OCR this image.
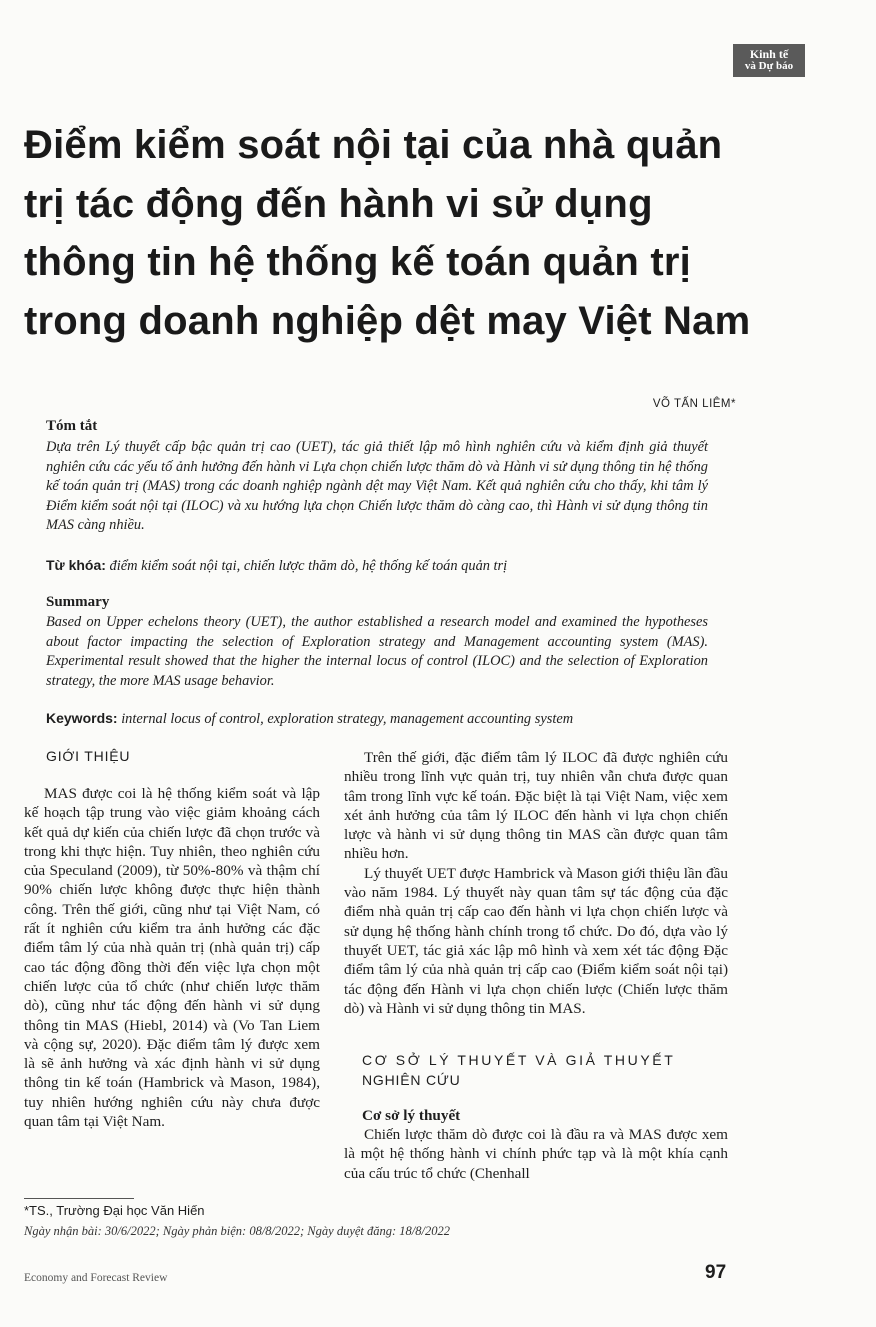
Kinh tế
và Dự báo
Điểm kiểm soát nội tại của nhà quản trị tác động đến hành vi sử dụng thông tin hệ thống kế toán quản trị trong doanh nghiệp dệt may Việt Nam
VÕ TẤN LIÊM*
Tóm tắt

Dựa trên Lý thuyết cấp bậc quản trị cao (UET), tác giả thiết lập mô hình nghiên cứu và kiểm định giả thuyết nghiên cứu các yếu tố ảnh hưởng đến hành vi Lựa chọn chiến lược thăm dò và Hành vi sử dụng thông tin hệ thống kế toán quản trị (MAS) trong các doanh nghiệp ngành dệt may Việt Nam. Kết quả nghiên cứu cho thấy, khi tâm lý Điểm kiểm soát nội tại (ILOC) và xu hướng lựa chọn Chiến lược thăm dò càng cao, thì Hành vi sử dụng thông tin MAS càng nhiều.

Từ khóa: điểm kiểm soát nội tại, chiến lược thăm dò, hệ thống kế toán quản trị

Summary

Based on Upper echelons theory (UET), the author established a research model and examined the hypotheses about factor impacting the selection of Exploration strategy and Management accounting system (MAS). Experimental result showed that the higher the internal locus of control (ILOC) and the selection of Exploration strategy, the more MAS usage behavior.

Keywords: internal locus of control, exploration strategy, management accounting system

GIỚI THIỆU

MAS được coi là hệ thống kiểm soát và lập kế hoạch tập trung vào việc giảm khoảng cách kết quả dự kiến của chiến lược đã chọn trước và trong khi thực hiện. Tuy nhiên, theo nghiên cứu của Speculand (2009), từ 50%-80% và thậm chí 90% chiến lược không được thực hiện thành công. Trên thế giới, cũng như tại Việt Nam, có rất ít nghiên cứu kiểm tra ảnh hưởng các đặc điểm tâm lý của nhà quản trị (nhà quản trị) cấp cao tác động đồng thời đến việc lựa chọn một chiến lược của tổ chức (như chiến lược thăm dò), cũng như tác động đến hành vi sử dụng thông tin MAS (Hiebl, 2014) và (Vo Tan Liem và cộng sự, 2020). Đặc điểm tâm lý được xem là sẽ ảnh hưởng và xác định hành vi sử dụng thông tin kế toán (Hambrick và Mason, 1984), tuy nhiên hướng nghiên cứu này chưa được quan tâm tại Việt Nam.

Trên thế giới, đặc điểm tâm lý ILOC đã được nghiên cứu nhiều trong lĩnh vực quản trị, tuy nhiên vẫn chưa được quan tâm trong lĩnh vực kế toán. Đặc biệt là tại Việt Nam, việc xem xét ảnh hưởng của tâm lý ILOC đến hành vi lựa chọn chiến lược và hành vi sử dụng thông tin MAS cần được quan tâm nhiều hơn.

Lý thuyết UET được Hambrick và Mason giới thiệu lần đầu vào năm 1984. Lý thuyết này quan tâm sự tác động của đặc điểm nhà quản trị cấp cao đến hành vi lựa chọn chiến lược và sử dụng hệ thống hành chính trong tổ chức. Do đó, dựa vào lý thuyết UET, tác giả xác lập mô hình và xem xét tác động Đặc điểm tâm lý của nhà quản trị cấp cao (Điểm kiểm soát nội tại) tác động đến Hành vi lựa chọn chiến lược (Chiến lược thăm dò) và Hành vi sử dụng thông tin MAS.

CƠ SỞ LÝ THUYẾT VÀ GIẢ THUYẾT
NGHIÊN CỨU
Cơ sở lý thuyết

Chiến lược thăm dò được coi là đầu ra và MAS được xem là một hệ thống hành vi chính phức tạp và là một khía cạnh của cấu trúc tổ chức (Chenhall

*TS., Trường Đại học Văn Hiến
Ngày nhận bài: 30/6/2022; Ngày phản biện: 08/8/2022; Ngày duyệt đăng: 18/8/2022
Economy and Forecast Review	97
